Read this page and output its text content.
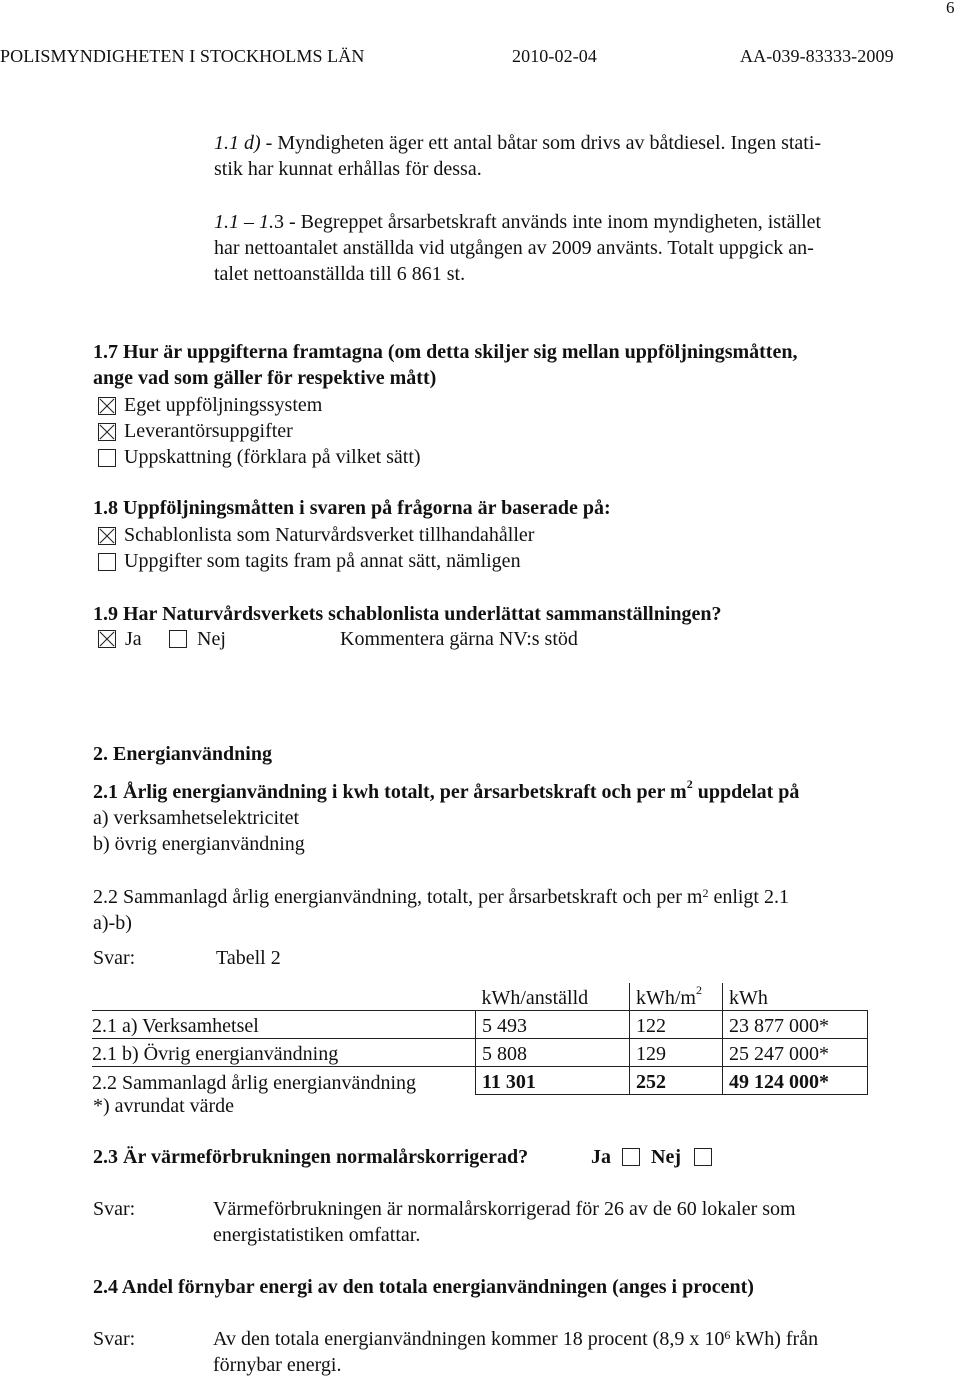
6
POLISMYNDIGHETEN I STOCKHOLMS LÄN	2010-02-04	AA-039-83333-2009
1.1 d) - Myndigheten äger ett antal båtar som drivs av båtdiesel. Ingen stati-
stik har kunnat erhållas för dessa.
1.1 – 1.3 - Begreppet årsarbetskraft används inte inom myndigheten, istället
har nettoantalet anställda vid utgången av 2009 använts. Totalt uppgick an-
talet nettoanställda till 6 861 st.
1.7 Hur är uppgifterna framtagna (om detta skiljer sig mellan uppföljningsmåtten,
ange vad som gäller för respektive mått)
Eget uppföljningssystem
Leverantörsuppgifter
Uppskattning (förklara på vilket sätt)
1.8 Uppföljningsmåtten i svaren på frågorna är baserade på:
Schablonlista som Naturvårdsverket tillhandahåller
Uppgifter som tagits fram på annat sätt, nämligen
1.9 Har Naturvårdsverkets schablonlista underlättat sammanställningen?
Ja	Nej	Kommentera gärna NV:s stöd
2. Energianvändning
2.1 Årlig energianvändning i kwh totalt, per årsarbetskraft och per $m^2$ uppdelat på
a) verksamhetselektricitet
b) övrig energianvändning
2.2 Sammanlagd årlig energianvändning, totalt, per årsarbetskraft och per $m^2$ enligt 2.1
a)-b)
Svar:	Tabell 2
	kWh/anställd	kWh/$m^2$	kWh
2.1 a) Verksamhetsel	5 493	122	23 877 000*
2.1 b) Övrig energianvändning	5 808	129	25 247 000*
2.2 Sammanlagd årlig energianvändning	11 301	252	49 124 000*
*) avrundat värde
2.3 Är värmeförbrukningen normalårskorrigerad?	Ja Nej
Svar:	Värmeförbrukningen är normalårskorrigerad för 26 av de 60 lokaler som
energistatistiken omfattar.
2.4 Andel förnybar energi av den totala energianvändningen (anges i procent)
Svar:	Av den totala energianvändningen kommer 18 procent (8,9 x $10^6$ kWh) från
förnybar energi.
